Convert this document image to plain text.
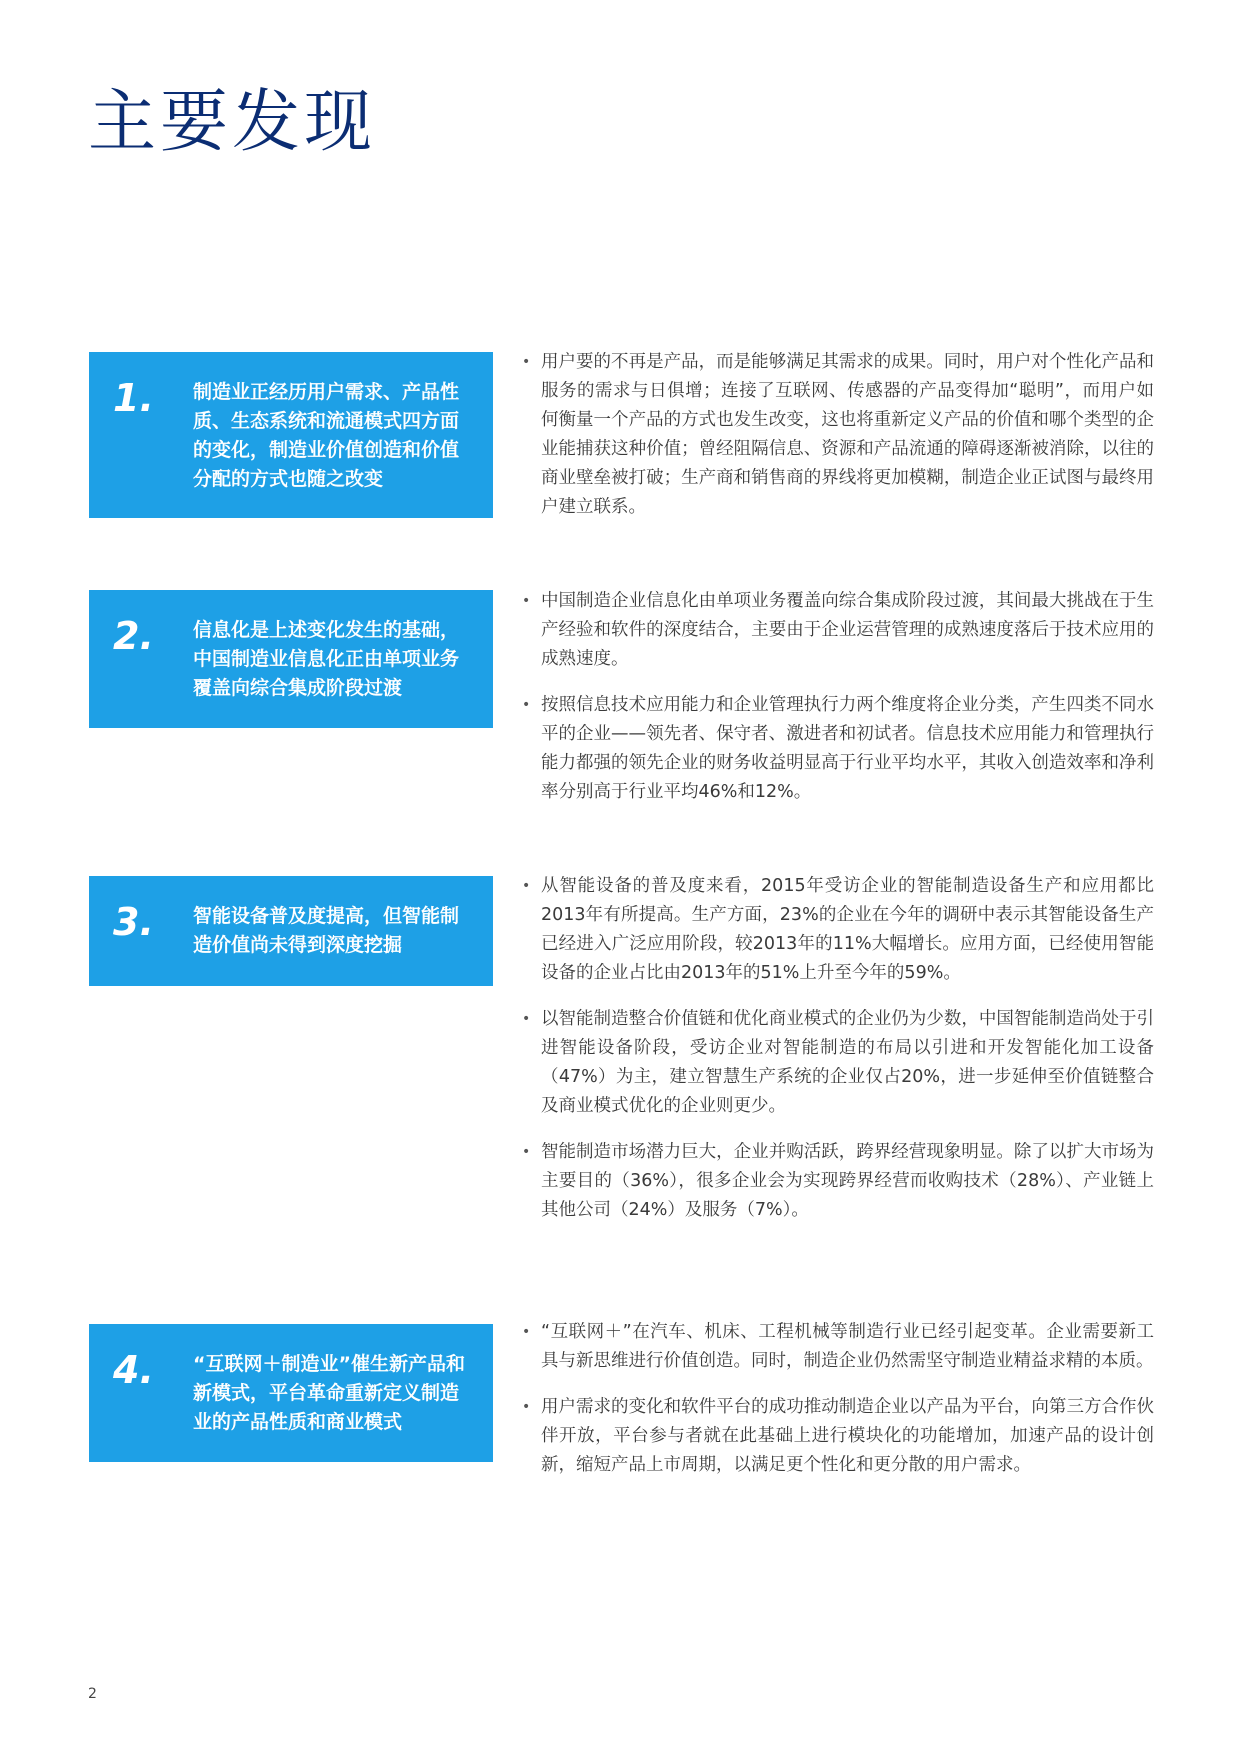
主要发现
1. 制造业正经历用户需求、产品性质、生态系统和流通模式四方面的变化，制造业价值创造和价值分配的方式也随之改变
• 用户要的不再是产品，而是能够满足其需求的成果。同时，用户对个性化产品和服务的需求与日俱增；连接了互联网、传感器的产品变得加“聪明”，而用户如何衡量一个产品的方式也发生改变，这也将重新定义产品的价值和哪个类型的企业能捕获这种价值；曾经阻隔信息、资源和产品流通的障碍逐渐被消除，以往的商业壁垒被打破；生产商和销售商的界线将更加模糊，制造企业正试图与最终用户建立联系。
2. 信息化是上述变化发生的基础，中国制造业信息化正由单项业务覆盖向综合集成阶段过渡
• 中国制造企业信息化由单项业务覆盖向综合集成阶段过渡，其间最大挑战在于生产经验和软件的深度结合，主要由于企业运营管理的成熟速度落后于技术应用的成熟速度。
• 按照信息技术应用能力和企业管理执行力两个维度将企业分类，产生四类不同水平的企业——领先者、保守者、激进者和初试者。信息技术应用能力和管理执行能力都强的领先企业的财务收益明显高于行业平均水平，其收入创造效率和净利率分别高于行业平均46%和12%。
3. 智能设备普及度提高，但智能制造价值尚未得到深度挖掘
• 从智能设备的普及度来看，2015年受访企业的智能制造设备生产和应用都比2013年有所提高。生产方面，23%的企业在今年的调研中表示其智能设备生产已经进入广泛应用阶段，较2013年的11%大幅增长。应用方面，已经使用智能设备的企业占比由2013年的51%上升至今年的59%。
• 以智能制造整合价值链和优化商业模式的企业仍为少数，中国智能制造尚处于引进智能设备阶段，受访企业对智能制造的布局以引进和开发智能化加工设备（47%）为主，建立智慧生产系统的企业仅占20%，进一步延伸至价值链整合及商业模式优化的企业则更少。
• 智能制造市场潜力巨大，企业并购活跃，跨界经营现象明显。除了以扩大市场为主要目的（36%），很多企业会为实现跨界经营而收购技术（28%）、产业链上其他公司（24%）及服务（7%）。
4. “互联网＋制造业”催生新产品和新模式，平台革命重新定义制造业的产品性质和商业模式
• “互联网＋”在汽车、机床、工程机械等制造行业已经引起变革。企业需要新工具与新思维进行价值创造。同时，制造企业仍然需坚守制造业精益求精的本质。
• 用户需求的变化和软件平台的成功推动制造企业以产品为平台，向第三方合作伙伴开放，平台参与者就在此基础上进行模块化的功能增加，加速产品的设计创新，缩短产品上市周期，以满足更个性化和更分散的用户需求。
2
